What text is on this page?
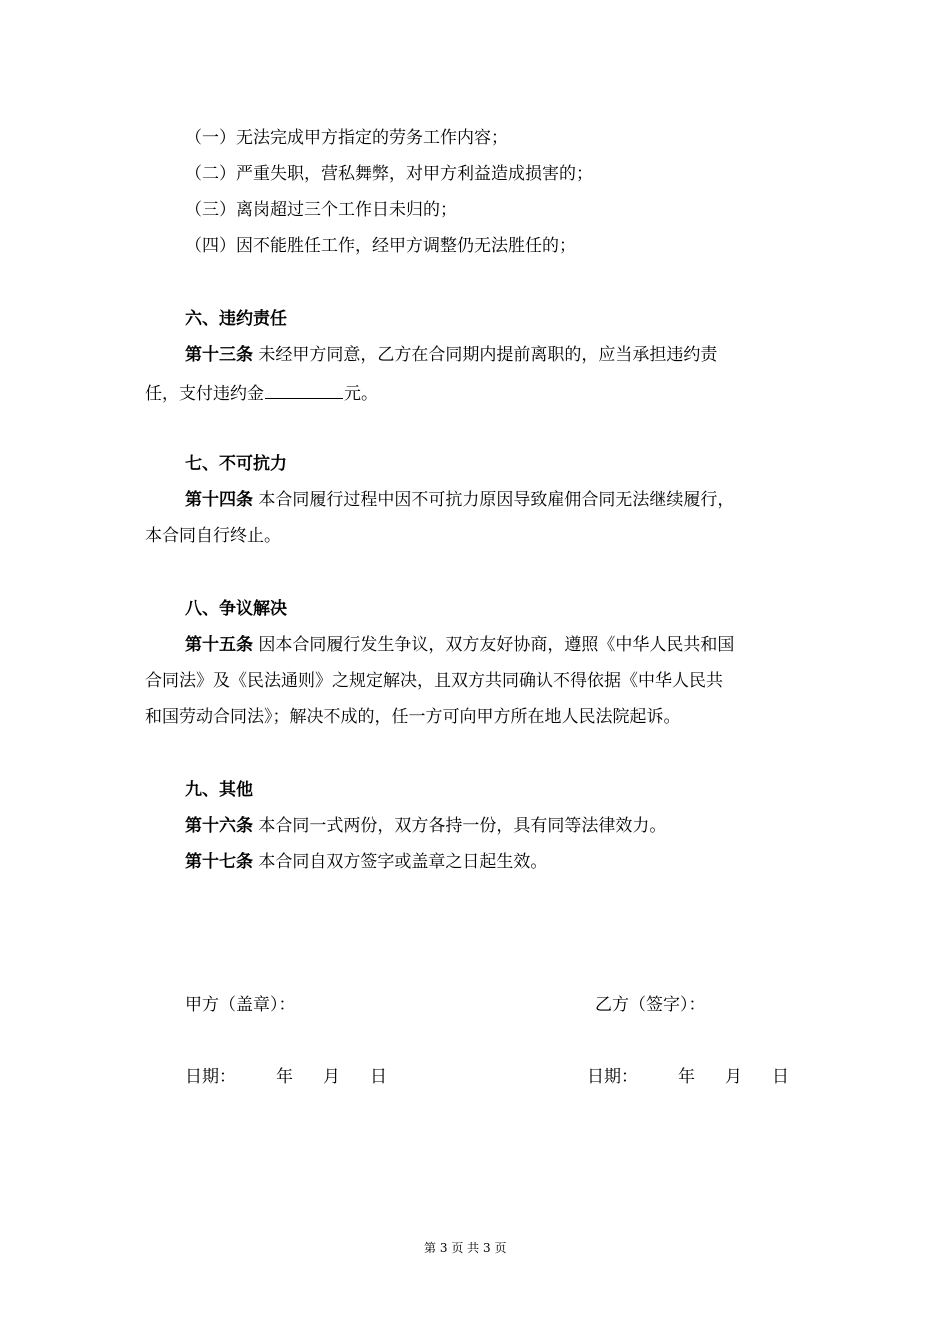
（一）无法完成甲方指定的劳务工作内容；
（二）严重失职，营私舞弊，对甲方利益造成损害的；
（三）离岗超过三个工作日未归的；
（四）因不能胜任工作，经甲方调整仍无法胜任的；
六、违约责任
第十三条 未经甲方同意，乙方在合同期内提前离职的，应当承担违约责
任，支付违约金	元。
七、不可抗力
第十四条 本合同履行过程中因不可抗力原因导致雇佣合同无法继续履行，
本合同自行终止。
八、争议解决
第十五条 因本合同履行发生争议，双方友好协商，遵照《中华人民共和国
合同法》及《民法通则》之规定解决，且双方共同确认不得依据《中华人民共
和国劳动合同法》；解决不成的，任一方可向甲方所在地人民法院起诉。
九、其他
第十六条 本合同一式两份，双方各持一份，具有同等法律效力。
第十七条 本合同自双方签字或盖章之日起生效。
甲方（盖章）：	乙方（签字）：
日期： 年 月 日	日期： 年 月 日
第 3 页 共 3 页
